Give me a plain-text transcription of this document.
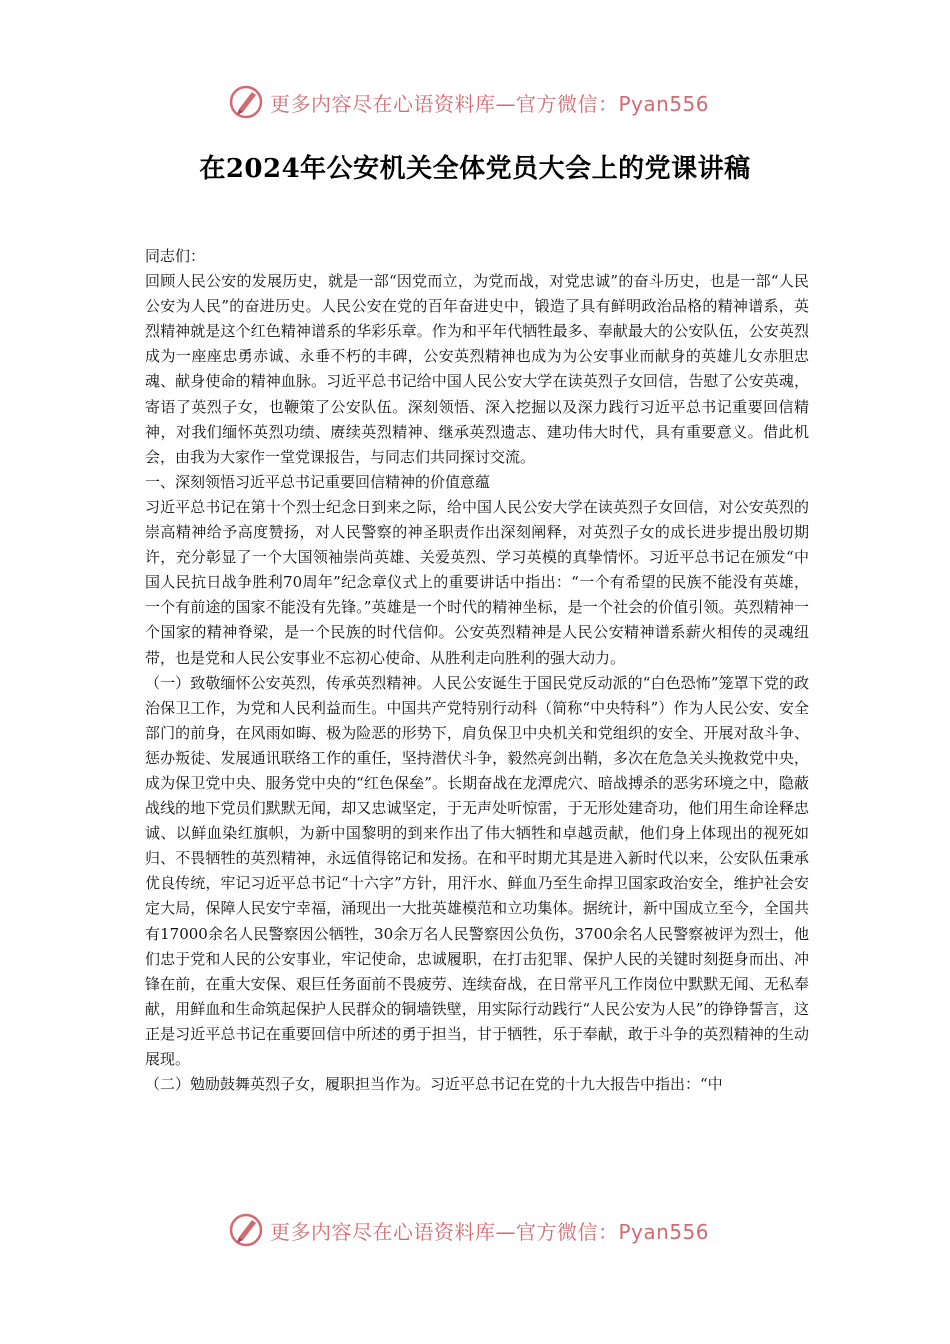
更多内容尽在心语资料库—官方微信：Pyan556
在2024年公安机关全体党员大会上的党课讲稿

同志们：

回顾人民公安的发展历史，就是一部“因党而立，为党而战，对党忠诚”的奋斗历史，也是一部“人民公安为人民”的奋进历史。人民公安在党的百年奋进史中，锻造了具有鲜明政治品格的精神谱系，英烈精神就是这个红色精神谱系的华彩乐章。作为和平年代牺牲最多、奉献最大的公安队伍，公安英烈成为一座座忠勇赤诚、永垂不朽的丰碑，公安英烈精神也成为为公安事业而献身的英雄儿女赤胆忠魂、献身使命的精神血脉。习近平总书记给中国人民公安大学在读英烈子女回信，告慰了公安英魂，寄语了英烈子女，也鞭策了公安队伍。深刻领悟、深入挖掘以及深力践行习近平总书记重要回信精神，对我们缅怀英烈功绩、赓续英烈精神、继承英烈遗志、建功伟大时代，具有重要意义。借此机会，由我为大家作一堂党课报告，与同志们共同探讨交流。

一、深刻领悟习近平总书记重要回信精神的价值意蕴

习近平总书记在第十个烈士纪念日到来之际，给中国人民公安大学在读英烈子女回信，对公安英烈的崇高精神给予高度赞扬，对人民警察的神圣职责作出深刻阐释，对英烈子女的成长进步提出殷切期许，充分彰显了一个大国领袖崇尚英雄、关爱英烈、学习英模的真挚情怀。习近平总书记在颁发“中国人民抗日战争胜利70周年”纪念章仪式上的重要讲话中指出：“一个有希望的民族不能没有英雄，一个有前途的国家不能没有先锋。”英雄是一个时代的精神坐标，是一个社会的价值引领。英烈精神一个国家的精神脊梁，是一个民族的时代信仰。公安英烈精神是人民公安精神谱系薪火相传的灵魂纽带，也是党和人民公安事业不忘初心使命、从胜利走向胜利的强大动力。

（一）致敬缅怀公安英烈，传承英烈精神。人民公安诞生于国民党反动派的“白色恐怖”笼罩下党的政治保卫工作，为党和人民利益而生。中国共产党特别行动科（简称“中央特科”）作为人民公安、安全部门的前身，在风雨如晦、极为险恶的形势下，肩负保卫中央机关和党组织的安全、开展对敌斗争、惩办叛徒、发展通讯联络工作的重任，坚持潜伏斗争，毅然亮剑出鞘，多次在危急关头挽救党中央，成为保卫党中央、服务党中央的“红色保垒”。长期奋战在龙潭虎穴、暗战搏杀的恶劣环境之中，隐蔽战线的地下党员们默默无闻，却又忠诚坚定，于无声处听惊雷，于无形处建奇功，他们用生命诠释忠诚、以鲜血染红旗帜，为新中国黎明的到来作出了伟大牺牲和卓越贡献，他们身上体现出的视死如归、不畏牺牲的英烈精神，永远值得铭记和发扬。在和平时期尤其是进入新时代以来，公安队伍秉承优良传统，牢记习近平总书记“十六字”方针，用汗水、鲜血乃至生命捍卫国家政治安全，维护社会安定大局，保障人民安宁幸福，涌现出一大批英雄模范和立功集体。据统计，新中国成立至今，全国共有17000余名人民警察因公牺牲，30余万名人民警察因公负伤，3700余名人民警察被评为烈士，他们忠于党和人民的公安事业，牢记使命，忠诚履职，在打击犯罪、保护人民的关键时刻挺身而出、冲锋在前，在重大安保、艰巨任务面前不畏疲劳、连续奋战，在日常平凡工作岗位中默默无闻、无私奉献，用鲜血和生命筑起保护人民群众的铜墙铁壁，用实际行动践行“人民公安为人民”的铮铮誓言，这正是习近平总书记在重要回信中所述的勇于担当，甘于牺牲，乐于奉献，敢于斗争的英烈精神的生动展现。

（二）勉励鼓舞英烈子女，履职担当作为。习近平总书记在党的十九大报告中指出：“中

更多内容尽在心语资料库—官方微信：Pyan556
